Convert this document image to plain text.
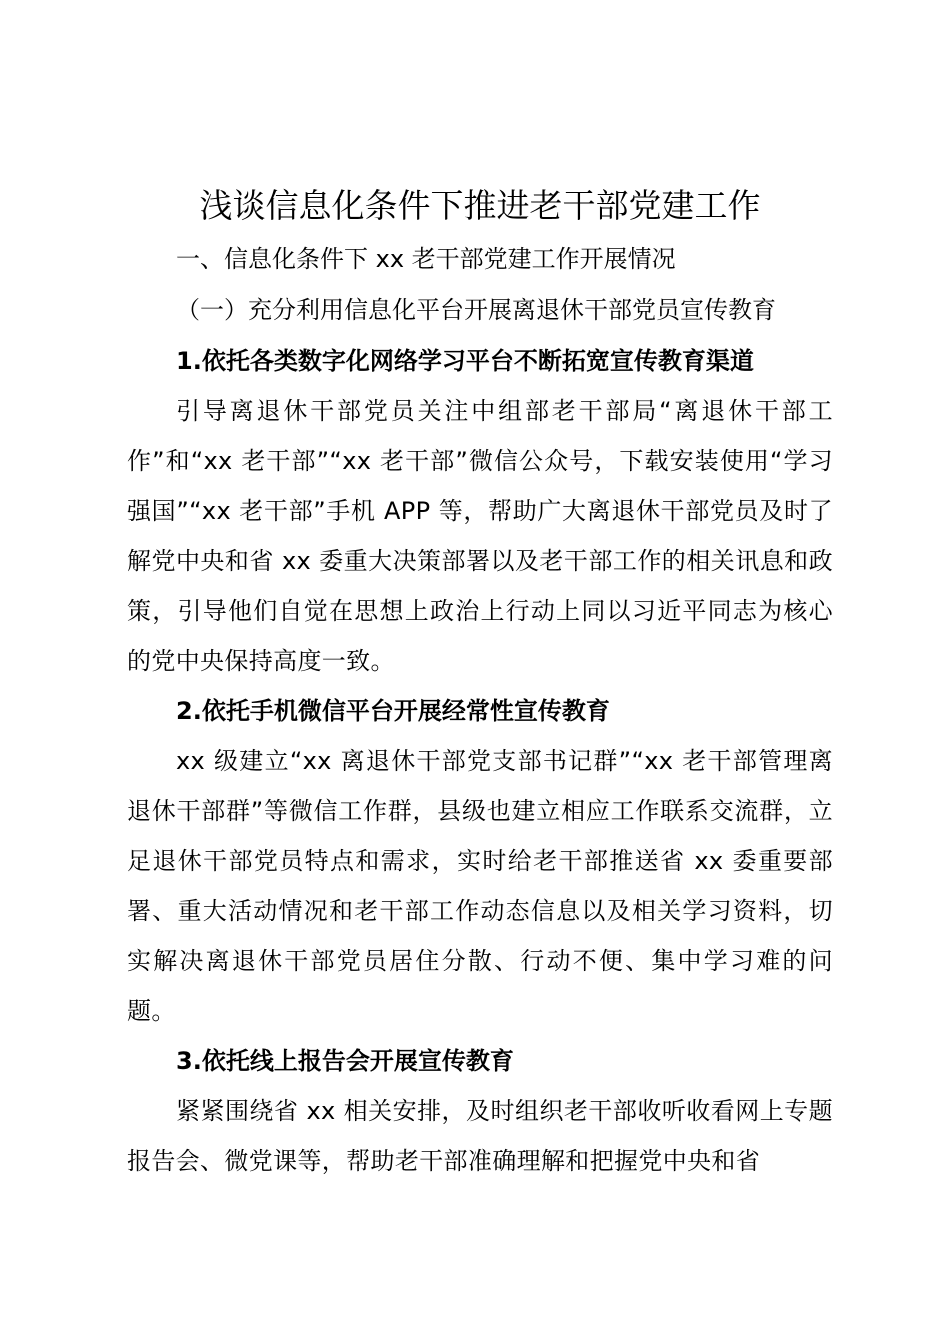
浅谈信息化条件下推进老干部党建工作

一、信息化条件下 xx 老干部党建工作开展情况

（一）充分利用信息化平台开展离退休干部党员宣传教育

1.依托各类数字化网络学习平台不断拓宽宣传教育渠道

引导离退休干部党员关注中组部老干部局“离退休干部工作”和“xx 老干部”“xx 老干部”微信公众号，下载安装使用“学习强国”“xx 老干部”手机 APP 等，帮助广大离退休干部党员及时了解党中央和省 xx 委重大决策部署以及老干部工作的相关讯息和政策，引导他们自觉在思想上政治上行动上同以习近平同志为核心的党中央保持高度一致。

2.依托手机微信平台开展经常性宣传教育

xx 级建立“xx 离退休干部党支部书记群”“xx 老干部管理离退休干部群”等微信工作群，县级也建立相应工作联系交流群，立足退休干部党员特点和需求，实时给老干部推送省 xx 委重要部署、重大活动情况和老干部工作动态信息以及相关学习资料，切实解决离退休干部党员居住分散、行动不便、集中学习难的问题。

3.依托线上报告会开展宣传教育

紧紧围绕省 xx 相关安排，及时组织老干部收听收看网上专题报告会、微党课等，帮助老干部准确理解和把握党中央和省
